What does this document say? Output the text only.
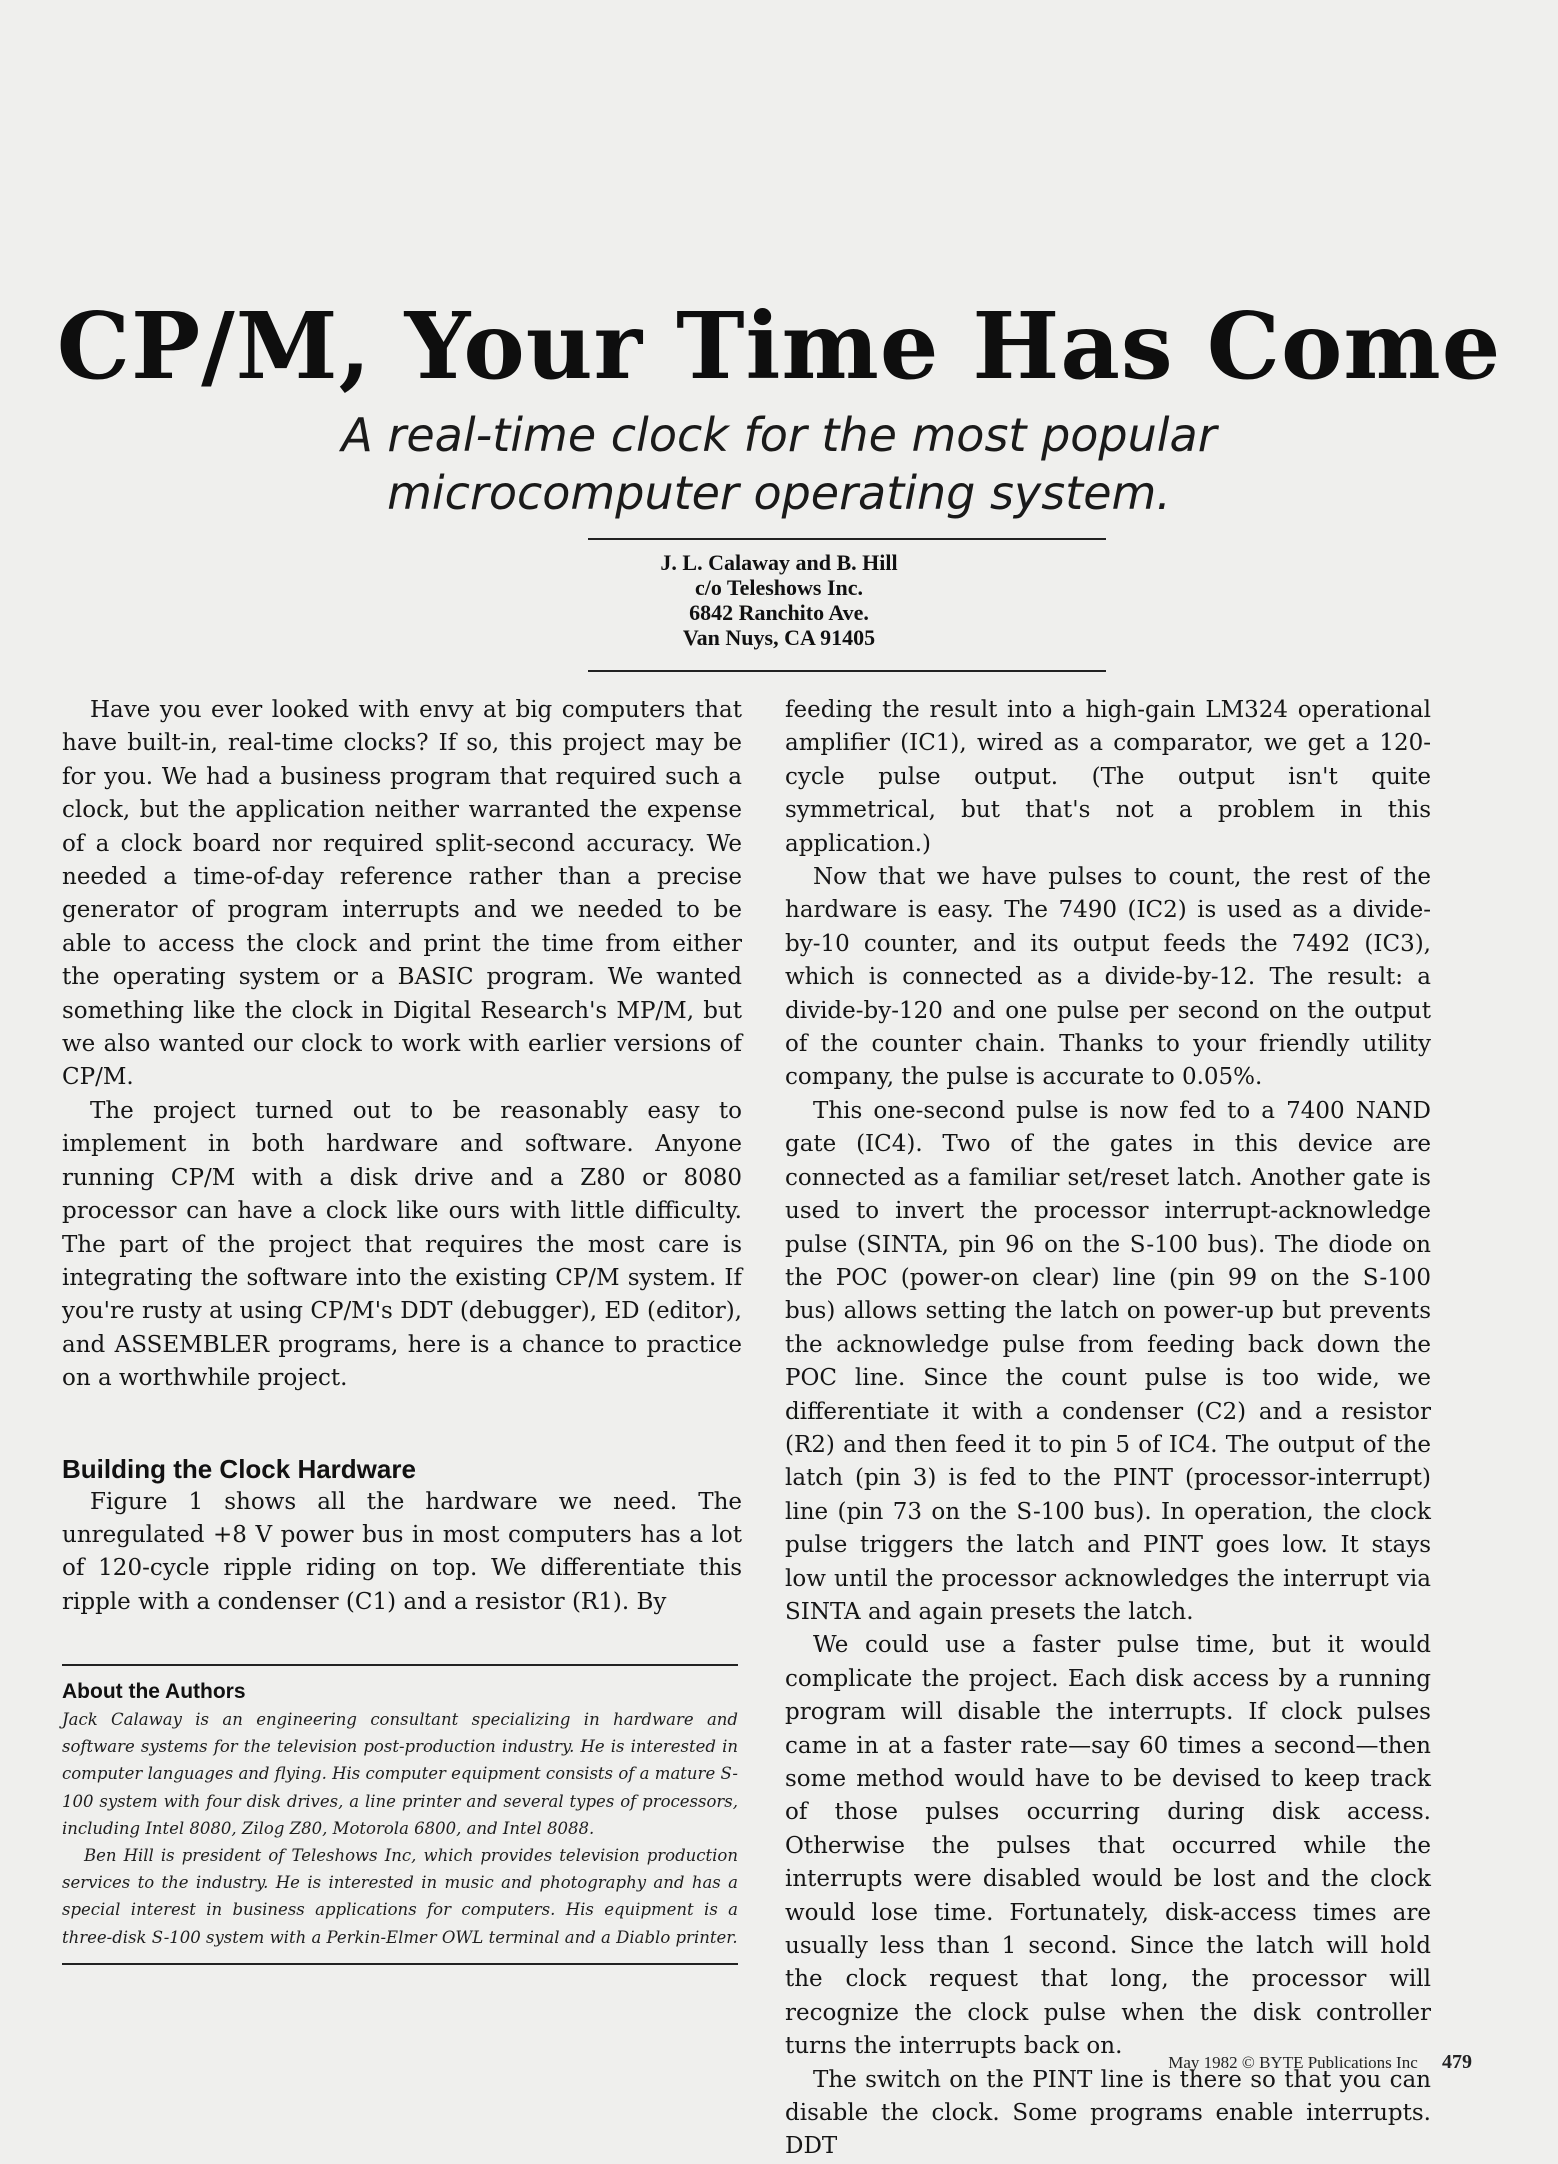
CP/M, Your Time Has Come
A real-time clock for the most popular
microcomputer operating system.
J. L. Calaway and B. Hill
c/o Teleshows Inc.
6842 Ranchito Ave.
Van Nuys, CA 91405

Have you ever looked with envy at big computers that have built-in, real-time clocks? If so, this project may be for you. We had a business program that required such a clock, but the application neither warranted the expense of a clock board nor required split-second accuracy. We needed a time-of-day reference rather than a precise generator of program interrupts and we needed to be able to access the clock and print the time from either the operating system or a BASIC program. We wanted something like the clock in Digital Research's MP/M, but we also wanted our clock to work with earlier versions of CP/M.

The project turned out to be reasonably easy to implement in both hardware and software. Anyone running CP/M with a disk drive and a Z80 or 8080 processor can have a clock like ours with little difficulty. The part of the project that requires the most care is integrating the software into the existing CP/M system. If you're rusty at using CP/M's DDT (debugger), ED (editor), and ASSEMBLER programs, here is a chance to practice on a worthwhile project.

Building the Clock Hardware

Figure 1 shows all the hardware we need. The unregulated +8 V power bus in most computers has a lot of 120-cycle ripple riding on top. We differentiate this ripple with a condenser (C1) and a resistor (R1). By

About the Authors

Jack Calaway is an engineering consultant specializing in hardware and software systems for the television post-production industry. He is interested in computer languages and flying. His computer equipment consists of a mature S-100 system with four disk drives, a line printer and several types of processors, including Intel 8080, Zilog Z80, Motorola 6800, and Intel 8088.

Ben Hill is president of Teleshows Inc, which provides television production services to the industry. He is interested in music and photography and has a special interest in business applications for computers. His equipment is a three-disk S-100 system with a Perkin-Elmer OWL terminal and a Diablo printer.

feeding the result into a high-gain LM324 operational amplifier (IC1), wired as a comparator, we get a 120-cycle pulse output. (The output isn't quite symmetrical, but that's not a problem in this application.)

Now that we have pulses to count, the rest of the hardware is easy. The 7490 (IC2) is used as a divide-by-10 counter, and its output feeds the 7492 (IC3), which is connected as a divide-by-12. The result: a divide-by-120 and one pulse per second on the output of the counter chain. Thanks to your friendly utility company, the pulse is accurate to 0.05%.

This one-second pulse is now fed to a 7400 NAND gate (IC4). Two of the gates in this device are connected as a familiar set/reset latch. Another gate is used to invert the processor interrupt-acknowledge pulse (SINTA, pin 96 on the S-100 bus). The diode on the POC (power-on clear) line (pin 99 on the S-100 bus) allows setting the latch on power-up but prevents the acknowledge pulse from feeding back down the POC line. Since the count pulse is too wide, we differentiate it with a condenser (C2) and a resistor (R2) and then feed it to pin 5 of IC4. The output of the latch (pin 3) is fed to the PINT (processor-interrupt) line (pin 73 on the S-100 bus). In operation, the clock pulse triggers the latch and PINT goes low. It stays low until the processor acknowledges the interrupt via SINTA and again presets the latch.

We could use a faster pulse time, but it would complicate the project. Each disk access by a running program will disable the interrupts. If clock pulses came in at a faster rate—say 60 times a second—then some method would have to be devised to keep track of those pulses occurring during disk access. Otherwise the pulses that occurred while the interrupts were disabled would be lost and the clock would lose time. Fortunately, disk-access times are usually less than 1 second. Since the latch will hold the clock request that long, the processor will recognize the clock pulse when the disk controller turns the interrupts back on.

The switch on the PINT line is there so that you can disable the clock. Some programs enable interrupts. DDT

May 1982 © BYTE Publications Inc 479
